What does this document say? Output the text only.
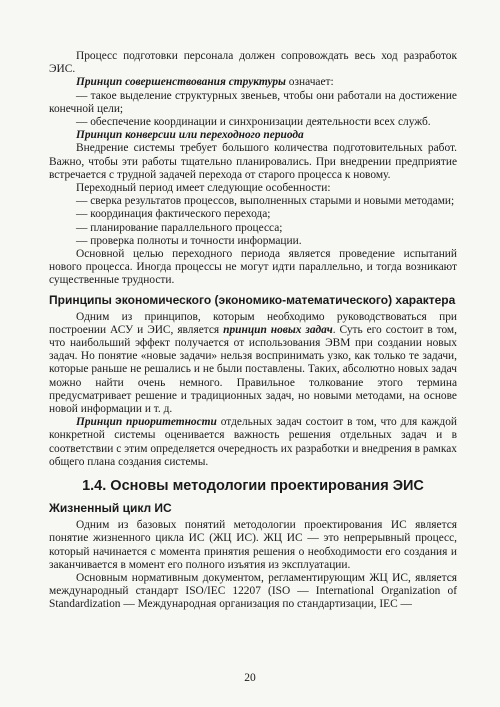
Процесс подготовки персонала должен сопровождать весь ход разработок ЭИС.

Принцип совершенствования структуры означает:

— такое выделение структурных звеньев, чтобы они работали на достижение конечной цели;

— обеспечение координации и синхронизации деятельности всех служб.

Принцип конверсии или переходного периода

Внедрение системы требует большого количества подготовительных работ. Важно, чтобы эти работы тщательно планировались. При внедрении предприятие встречается с трудной задачей перехода от старого процесса к новому.

Переходный период имеет следующие особенности:

— сверка результатов процессов, выполненных старыми и новыми методами;

— координация фактического перехода;

— планирование параллельного процесса;

— проверка полноты и точности информации.

Основной целью переходного периода является проведение испытаний нового процесса. Иногда процессы не могут идти параллельно, и тогда возникают существенные трудности.

Принципы экономического (экономико-математического) характера

Одним из принципов, которым необходимо руководствоваться при построении АСУ и ЭИС, является принцип новых задач. Суть его состоит в том, что наибольший эффект получается от использования ЭВМ при создании новых задач. Но понятие «новые задачи» нельзя воспринимать узко, как только те задачи, которые раньше не решались и не были поставлены. Таких, абсолютно новых задач можно найти очень немного. Правильное толкование этого термина предусматривает решение и традиционных задач, но новыми методами, на основе новой информации и т. д.

Принцип приоритетности отдельных задач состоит в том, что для каждой конкретной системы оценивается важность решения отдельных задач и в соответствии с этим определяется очередность их разработки и внедрения в рамках общего плана создания системы.

1.4. Основы методологии проектирования ЭИС
Жизненный цикл ИС

Одним из базовых понятий методологии проектирования ИС является понятие жизненного цикла ИС (ЖЦ ИС). ЖЦ ИС — это непрерывный процесс, который начинается с момента принятия решения о необходимости его создания и заканчивается в момент его полного изъятия из эксплуатации.

Основным нормативным документом, регламентирующим ЖЦ ИС, является международный стандарт ISO/IEC 12207 (ISO — International Organization of Standardization — Международная организация по стандартизации, IEC —

20
